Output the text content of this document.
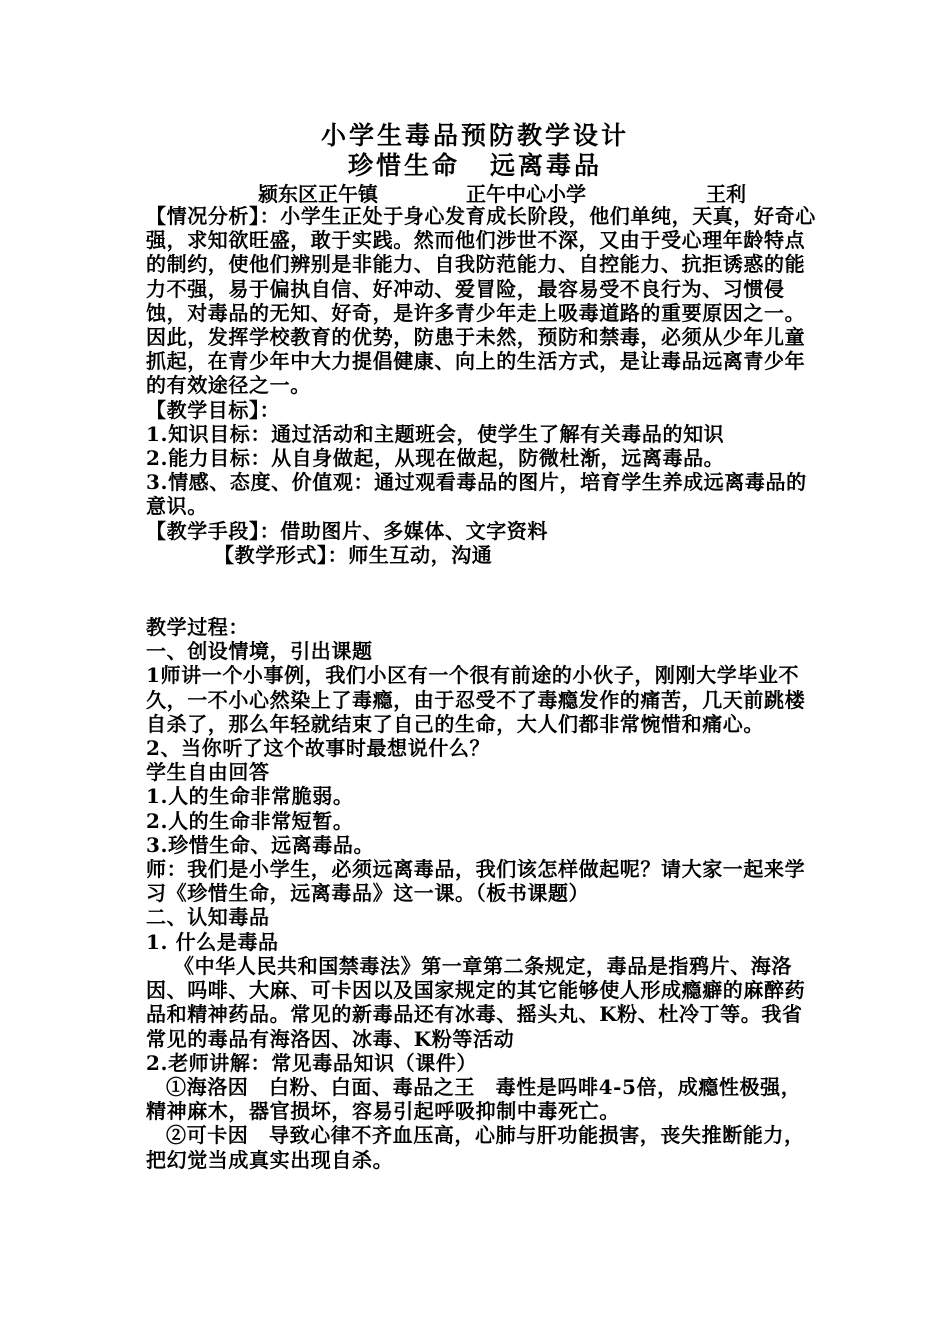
小学生毒品预防教学设计
珍惜生命 远离毒品
颍东区正午镇	正午中心小学	王利

【情况分析】：小学生正处于身心发育成长阶段，他们单纯，天真，好奇心强，求知欲旺盛，敢于实践。然而他们涉世不深，又由于受心理年龄特点的制约，使他们辨别是非能力、自我防范能力、自控能力、抗拒诱惑的能力不强，易于偏执自信、好冲动、爱冒险，最容易受不良行为、习惯侵蚀，对毒品的无知、好奇，是许多青少年走上吸毒道路的重要原因之一。因此，发挥学校教育的优势，防患于未然，预防和禁毒，必须从少年儿童抓起，在青少年中大力提倡健康、向上的生活方式，是让毒品远离青少年的有效途径之一。

【教学目标】：

1.知识目标：通过活动和主题班会，使学生了解有关毒品的知识

2.能力目标：从自身做起，从现在做起，防微杜渐，远离毒品。

3.情感、态度、价值观：通过观看毒品的图片，培育学生养成远离毒品的意识。

【教学手段】：借助图片、多媒体、文字资料

【教学形式】：师生互动，沟通

教学过程：

一、创设情境，引出课题

1师讲一个小事例，我们小区有一个很有前途的小伙子，刚刚大学毕业不久，一不小心然染上了毒瘾，由于忍受不了毒瘾发作的痛苦，几天前跳楼自杀了，那么年轻就结束了自己的生命，大人们都非常惋惜和痛心。

2、当你听了这个故事时最想说什么？

学生自由回答

1.人的生命非常脆弱。

2.人的生命非常短暂。

3.珍惜生命、远离毒品。

师：我们是小学生，必须远离毒品，我们该怎样做起呢？请大家一起来学习《珍惜生命，远离毒品》这一课。（板书课题）

二、认知毒品

1. 什么是毒品

《中华人民共和国禁毒法》第一章第二条规定，毒品是指鸦片、海洛因、吗啡、大麻、可卡因以及国家规定的其它能够使人形成瘾癖的麻醉药品和精神药品。常见的新毒品还有冰毒、摇头丸、K粉、杜冷丁等。我省常见的毒品有海洛因、冰毒、K粉等活动

2.老师讲解：常见毒品知识（课件）

①海洛因　白粉、白面、毒品之王　毒性是吗啡4-5倍，成瘾性极强，精神麻木，器官损坏，容易引起呼吸抑制中毒死亡。

②可卡因　导致心律不齐血压高，心肺与肝功能损害，丧失推断能力，把幻觉当成真实出现自杀。
